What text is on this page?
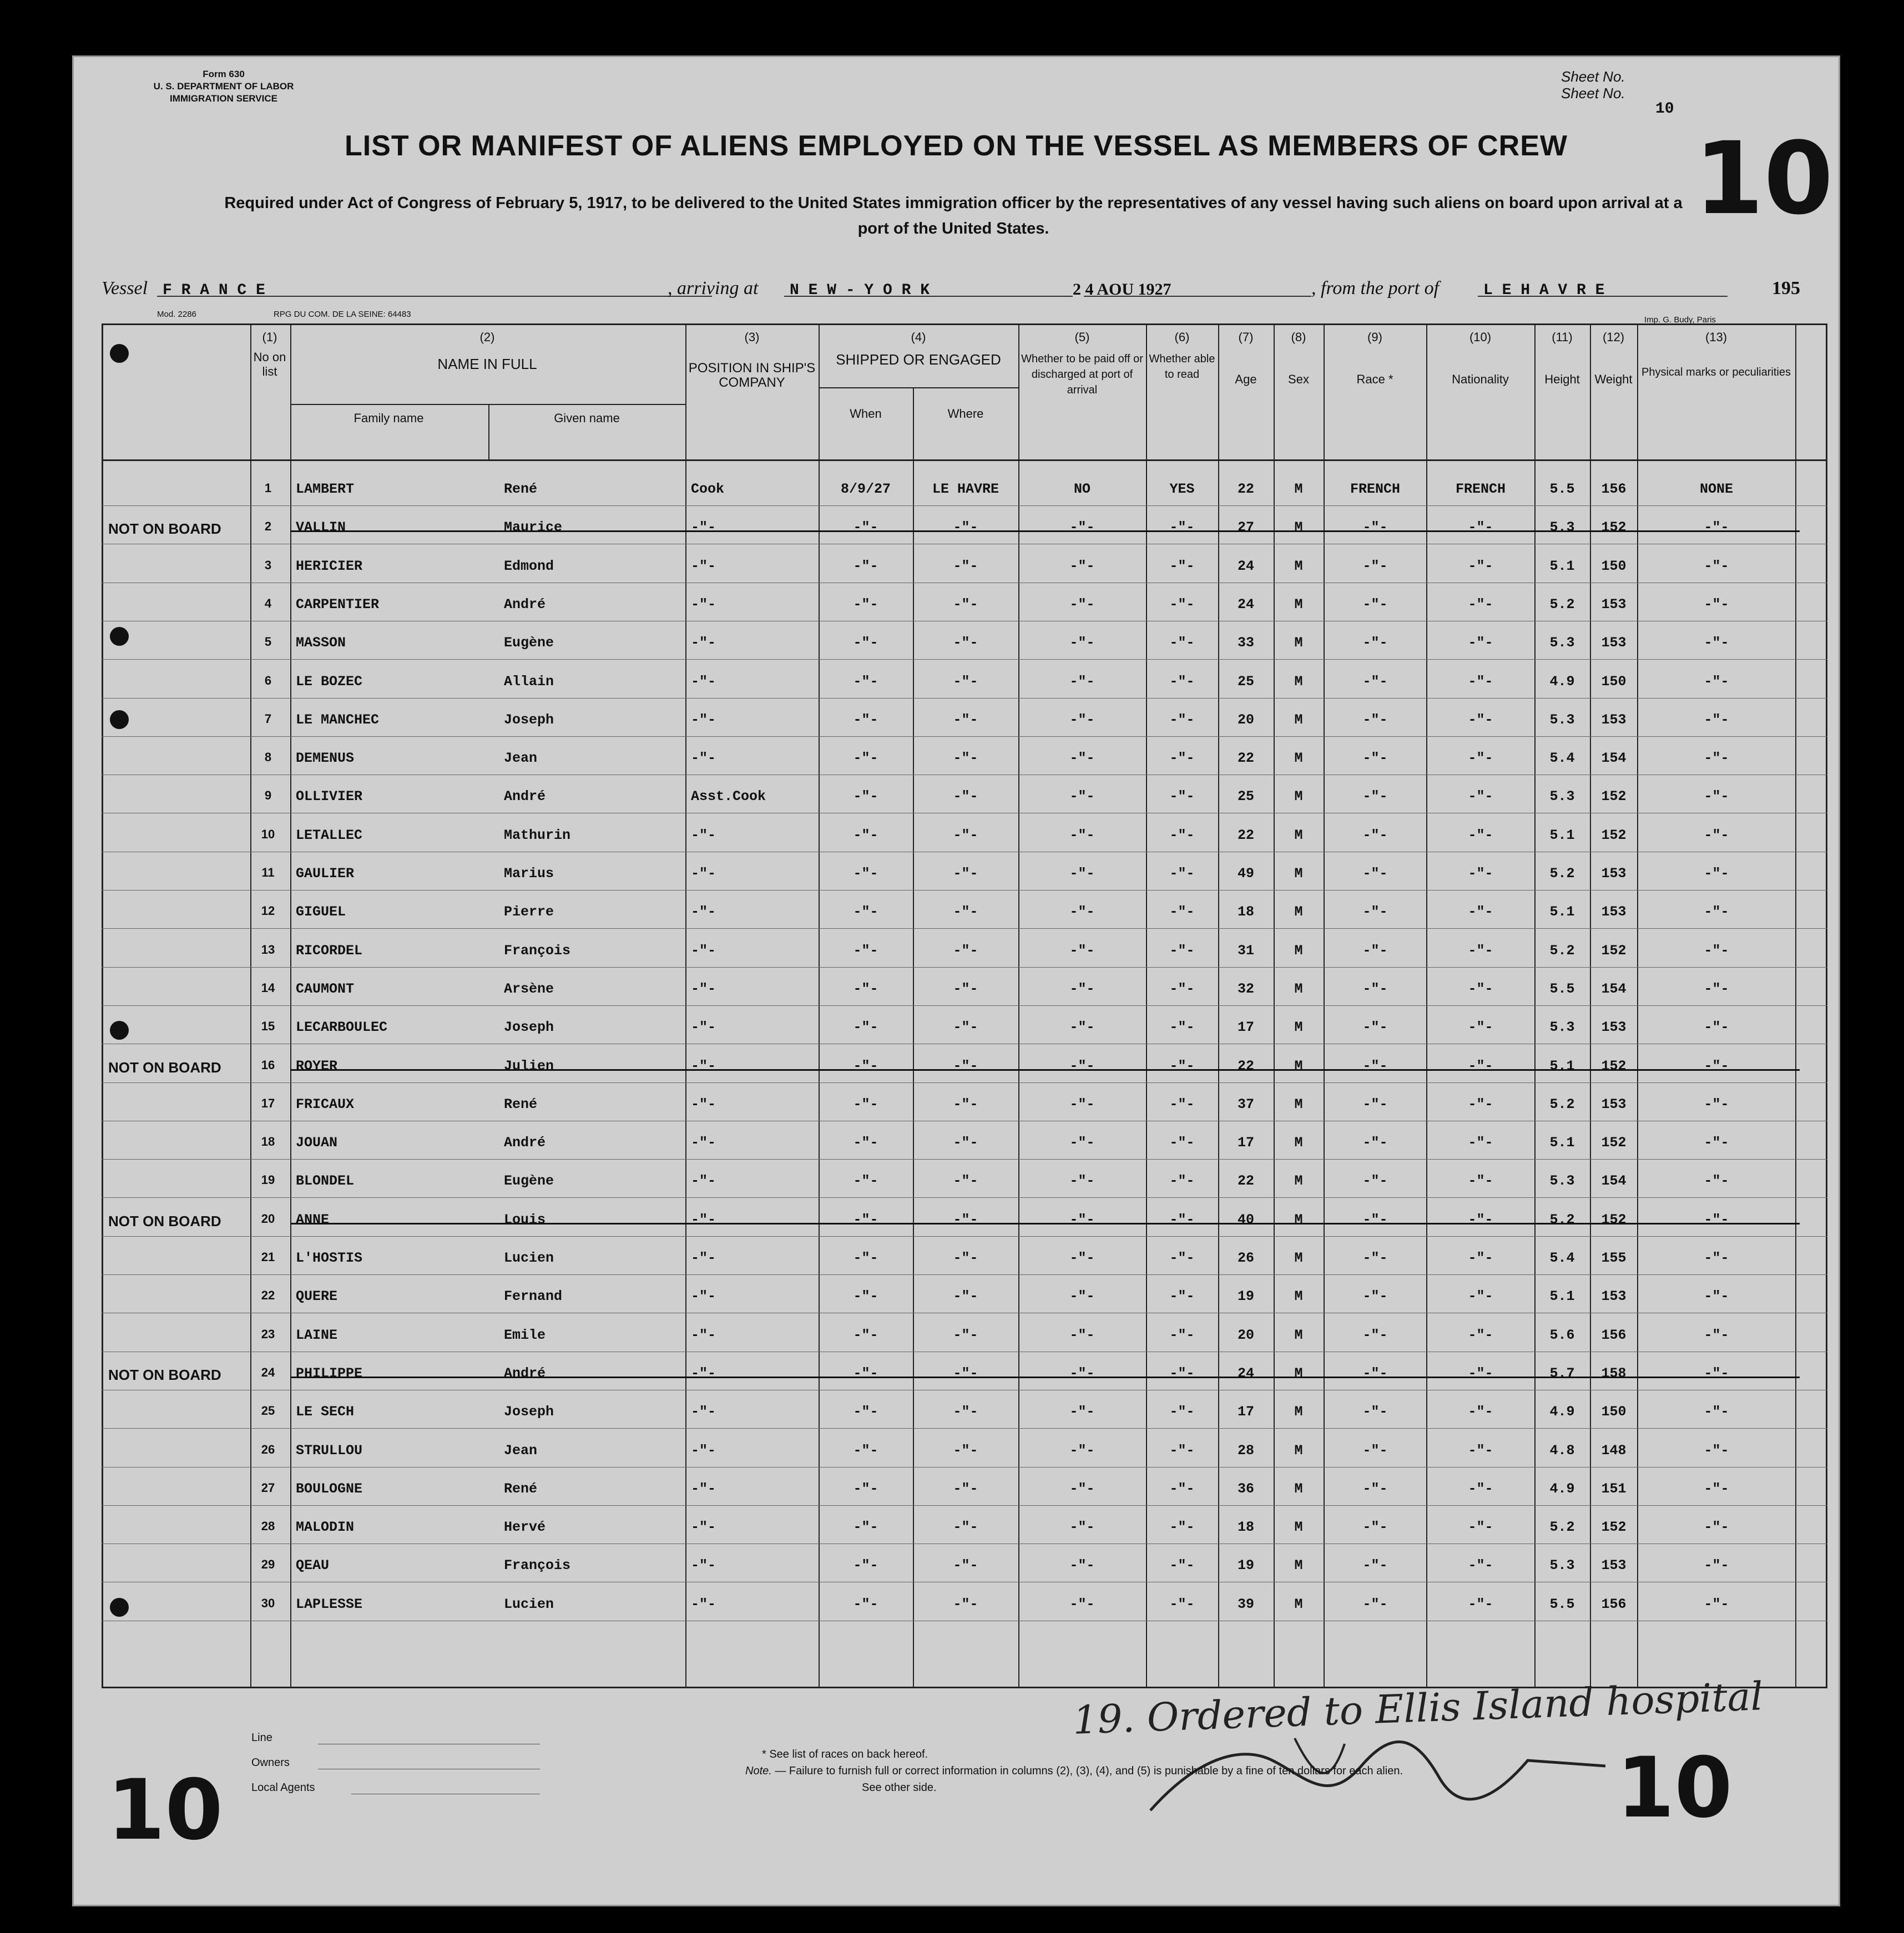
Form 630
U. S. DEPARTMENT OF LABOR
IMMIGRATION SERVICE
Sheet No.
Sheet No.
10
LIST OR MANIFEST OF ALIENS EMPLOYED ON THE VESSEL AS MEMBERS OF CREW
Required under Act of Congress of February 5, 1917, to be delivered to the United States immigration officer by the representatives of any vessel having such aliens on board upon arrival at a port of the United States.	10
Vessel F R A N C E	, arriving at N E W - Y O R K	2 4 AOU 1927	, from the port of	L E H A V R E	195
Mod. 2286	RPG DU COM. DE LA SEINE: 64483
Imp. G. Budy, Paris
(1)
No on list
(2)
NAME IN FULL
Family name	Given name
(3)
POSITION IN SHIP'S COMPANY
(4)
SHIPPED OR ENGAGED
When	Where
(5)
Whether to be paid off or discharged at port of arrival
(6)
Whether able to read
(7)
Age
(8)
Sex
(9)
Race *
(10)
Nationality
(11)
Height
(12)
Weight
(13)
Physical marks or peculiarities
1 LAMBERT	René	Cook	8/9/27	LE HAVRE	NO	YES	22	M	FRENCH	FRENCH	5.5 156	NONE
2 VALLIN	Maurice	-"-	-"-	-"-	-"-	-"-	27	M	-"-	-"-	5.3 152	-"-
NOT ON BOARD
3 HERICIER	Edmond	-"-	-"-	-"-	-"-	-"-	24	M	-"-	-"-	5.1 150	-"-
4 CARPENTIER	André	-"-	-"-	-"-	-"-	-"-	24	M	-"-	-"-	5.2 153	-"-
5 MASSON	Eugène	-"-	-"-	-"-	-"-	-"-	33	M	-"-	-"-	5.3 153	-"-
6 LE BOZEC	Allain	-"-	-"-	-"-	-"-	-"-	25	M	-"-	-"-	4.9 150	-"-
7 LE MANCHEC	Joseph	-"-	-"-	-"-	-"-	-"-	20	M	-"-	-"-	5.3 153	-"-
8 DEMENUS	Jean	-"-	-"-	-"-	-"-	-"-	22	M	-"-	-"-	5.4 154	-"-
9 OLLIVIER	André	Asst.Cook	-"-	-"-	-"-	-"-	25	M	-"-	-"-	5.3 152	-"-
10 LETALLEC	Mathurin	-"-	-"-	-"-	-"-	-"-	22	M	-"-	-"-	5.1 152	-"-
11 GAULIER	Marius	-"-	-"-	-"-	-"-	-"-	49	M	-"-	-"-	5.2 153	-"-
12 GIGUEL	Pierre	-"-	-"-	-"-	-"-	-"-	18	M	-"-	-"-	5.1 153	-"-
13 RICORDEL	François	-"-	-"-	-"-	-"-	-"-	31	M	-"-	-"-	5.2 152	-"-
14 CAUMONT	Arsène	-"-	-"-	-"-	-"-	-"-	32	M	-"-	-"-	5.5 154	-"-
15 LECARBOULEC	Joseph	-"-	-"-	-"-	-"-	-"-	17	M	-"-	-"-	5.3 153	-"-
16 ROYER	Julien	-"-	-"-	-"-	-"-	-"-	22	M	-"-	-"-	5.1 152	-"-
NOT ON BOARD
17 FRICAUX	René	-"-	-"-	-"-	-"-	-"-	37	M	-"-	-"-	5.2 153	-"-
18 JOUAN	André	-"-	-"-	-"-	-"-	-"-	17	M	-"-	-"-	5.1 152	-"-
19 BLONDEL	Eugène	-"-	-"-	-"-	-"-	-"-	22	M	-"-	-"-	5.3 154	-"-
20 ANNE	Louis	-"-	-"-	-"-	-"-	-"-	40	M	-"-	-"-	5.2 152	-"-
NOT ON BOARD
21 L'HOSTIS	Lucien	-"-	-"-	-"-	-"-	-"-	26	M	-"-	-"-	5.4 155	-"-
22 QUERE	Fernand	-"-	-"-	-"-	-"-	-"-	19	M	-"-	-"-	5.1 153	-"-
23 LAINE	Emile	-"-	-"-	-"-	-"-	-"-	20	M	-"-	-"-	5.6 156	-"-
24 PHILIPPE	André	-"-	-"-	-"-	-"-	-"-	24	M	-"-	-"-	5.7 158	-"-
NOT ON BOARD
25 LE SECH	Joseph	-"-	-"-	-"-	-"-	-"-	17	M	-"-	-"-	4.9 150	-"-
26 STRULLOU	Jean	-"-	-"-	-"-	-"-	-"-	28	M	-"-	-"-	4.8 148	-"-
27 BOULOGNE	René	-"-	-"-	-"-	-"-	-"-	36	M	-"-	-"-	4.9 151	-"-
28 MALODIN	Hervé	-"-	-"-	-"-	-"-	-"-	18	M	-"-	-"-	5.2 152	-"-
29 QEAU	François	-"-	-"-	-"-	-"-	-"-	19	M	-"-	-"-	5.3 153	-"-
30 LAPLESSE	Lucien	-"-	-"-	-"-	-"-	-"-	39	M	-"-	-"-	5.5 156	-"-
19. Ordered to Ellis Island hospital
Line
Owners
Local Agents
* See list of races on back hereof.
Note. — Failure to furnish full or correct information in columns (2), (3), (4), and (5) is punishable by a fine of ten dollars for each alien.
See other side.
10	10
